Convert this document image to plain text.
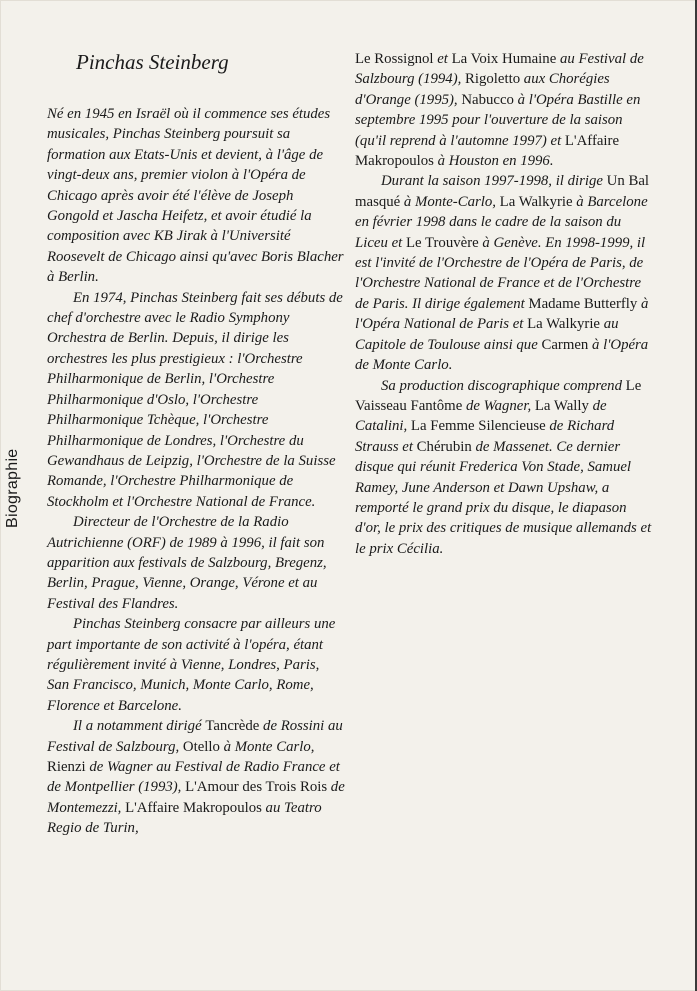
Biographie
Pinchas Steinberg

Né en 1945 en Israël où il commence ses études musicales, Pinchas Steinberg poursuit sa formation aux Etats-Unis et devient, à l'âge de vingt-deux ans, premier violon à l'Opéra de Chicago après avoir été l'élève de Joseph Gongold et Jascha Heifetz, et avoir étudié la composition avec KB Jirak à l'Université Roosevelt de Chicago ainsi qu'avec Boris Blacher à Berlin.

En 1974, Pinchas Steinberg fait ses débuts de chef d'orchestre avec le Radio Symphony Orchestra de Berlin. Depuis, il dirige les orchestres les plus prestigieux : l'Orchestre Philharmonique de Berlin, l'Orchestre Philharmonique d'Oslo, l'Orchestre Philharmonique Tchèque, l'Orchestre Philharmonique de Londres, l'Orchestre du Gewandhaus de Leipzig, l'Orchestre de la Suisse Romande, l'Orchestre Philharmonique de Stockholm et l'Orchestre National de France.

Directeur de l'Orchestre de la Radio Autrichienne (ORF) de 1989 à 1996, il fait son apparition aux festivals de Salzbourg, Bregenz, Berlin, Prague, Vienne, Orange, Vérone et au Festival des Flandres.

Pinchas Steinberg consacre par ailleurs une part importante de son activité à l'opéra, étant régulièrement invité à Vienne, Londres, Paris, San Francisco, Munich, Monte Carlo, Rome, Florence et Barcelone.

Il a notamment dirigé Tancrède de Rossini au Festival de Salzbourg, Otello à Monte Carlo, Rienzi de Wagner au Festival de Radio France et de Montpellier (1993), L'Amour des Trois Rois de Montemezzi, L'Affaire Makropoulos au Teatro Regio de Turin,

Le Rossignol et La Voix Humaine au Festival de Salzbourg (1994), Rigoletto aux Chorégies d'Orange (1995), Nabucco à l'Opéra Bastille en septembre 1995 pour l'ouverture de la saison (qu'il reprend à l'automne 1997) et L'Affaire Makropoulos à Houston en 1996.

Durant la saison 1997-1998, il dirige Un Bal masqué à Monte-Carlo, La Walkyrie à Barcelone en février 1998 dans le cadre de la saison du Liceu et Le Trouvère à Genève. En 1998-1999, il est l'invité de l'Orchestre de l'Opéra de Paris, de l'Orchestre National de France et de l'Orchestre de Paris. Il dirige également Madame Butterfly à l'Opéra National de Paris et La Walkyrie au Capitole de Toulouse ainsi que Carmen à l'Opéra de Monte Carlo.

Sa production discographique comprend Le Vaisseau Fantôme de Wagner, La Wally de Catalini, La Femme Silencieuse de Richard Strauss et Chérubin de Massenet. Ce dernier disque qui réunit Frederica Von Stade, Samuel Ramey, June Anderson et Dawn Upshaw, a remporté le grand prix du disque, le diapason d'or, le prix des critiques de musique allemands et le prix Cécilia.
